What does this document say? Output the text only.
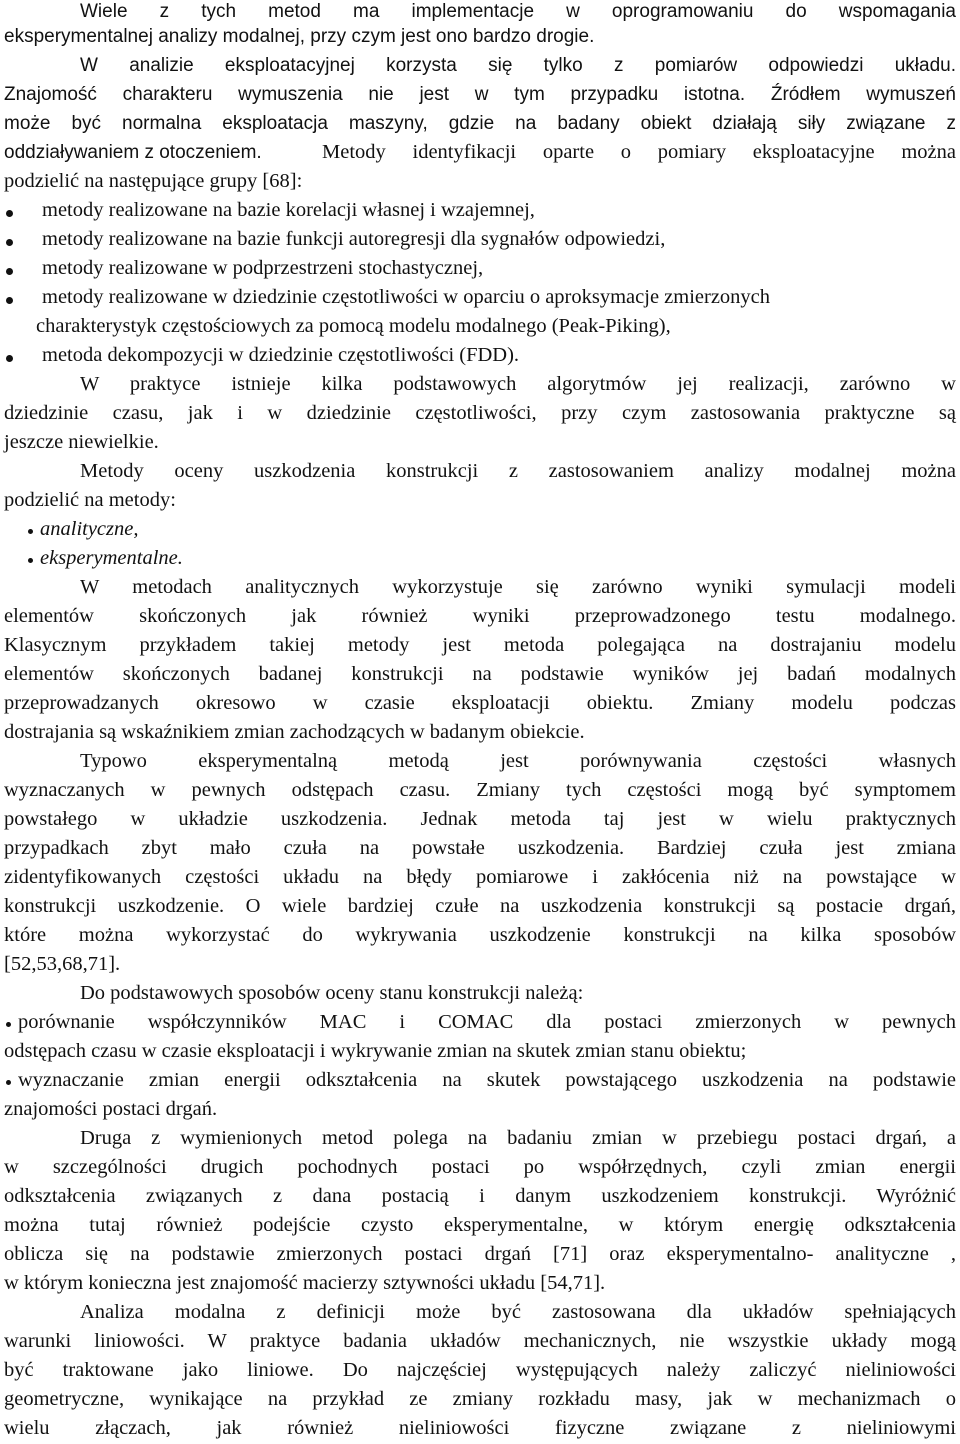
Wiele z tych metod ma implementacje w oprogramowaniu do wspomagania
eksperymentalnej analizy modalnej, przy czym jest ono bardzo drogie.
W analizie eksploatacyjnej korzysta się tylko z pomiarów odpowiedzi układu.
Znajomość charakteru wymuszenia nie jest w tym przypadku istotna. Źródłem wymuszeń
może być normalna eksploatacja maszyny, gdzie na badany obiekt działają siły związane z
oddziaływaniem z otoczeniem.	Metody identyfikacji oparte o pomiary eksploatacyjne można
podzielić na następujące grupy [68]:
metody realizowane na bazie korelacji własnej i wzajemnej,
metody realizowane na bazie funkcji autoregresji dla sygnałów odpowiedzi,
metody realizowane w podprzestrzeni stochastycznej,
metody realizowane w dziedzinie częstotliwości w oparciu o aproksymacje zmierzonych
charakterystyk częstościowych za pomocą modelu modalnego (Peak-Piking),
metoda dekompozycji w dziedzinie częstotliwości (FDD).
W praktyce istnieje kilka podstawowych algorytmów jej realizacji, zarówno w
dziedzinie czasu, jak i w dziedzinie częstotliwości, przy czym zastosowania praktyczne są
jeszcze niewielkie.
Metody oceny uszkodzenia konstrukcji z zastosowaniem analizy modalnej można
podzielić na metody:
analityczne,
eksperymentalne.
W metodach analitycznych wykorzystuje się zarówno wyniki symulacji modeli
elementów skończonych jak również wyniki przeprowadzonego testu modalnego.
Klasycznym przykładem takiej metody jest metoda polegająca na dostrajaniu modelu
elementów skończonych badanej konstrukcji na podstawie wyników jej badań modalnych
przeprowadzanych okresowo w czasie eksploatacji obiektu. Zmiany modelu podczas
dostrajania są wskaźnikiem zmian zachodzących w badanym obiekcie.
Typowo eksperymentalną metodą jest porównywania częstości własnych
wyznaczanych w pewnych odstępach czasu. Zmiany tych częstości mogą być symptomem
powstałego w układzie uszkodzenia. Jednak metoda taj jest w wielu praktycznych
przypadkach zbyt mało czuła na powstałe uszkodzenia. Bardziej czuła jest zmiana
zidentyfikowanych częstości układu na błędy pomiarowe i zakłócenia niż na powstające w
konstrukcji uszkodzenie. O wiele bardziej czułe na uszkodzenia konstrukcji są postacie drgań,
które można wykorzystać do wykrywania uszkodzenie konstrukcji na kilka sposobów
[52,53,68,71].
Do podstawowych sposobów oceny stanu konstrukcji należą:
porównanie współczynników MAC i COMAC dla postaci zmierzonych w pewnych
odstępach czasu w czasie eksploatacji i wykrywanie zmian na skutek zmian stanu obiektu;
wyznaczanie zmian energii odkształcenia na skutek powstającego uszkodzenia na podstawie
znajomości postaci drgań.
Druga z wymienionych metod polega na badaniu zmian w przebiegu postaci drgań, a
w szczególności drugich pochodnych postaci po współrzędnych, czyli zmian energii
odkształcenia związanych z dana postacią i danym uszkodzeniem konstrukcji. Wyróżnić
można tutaj również podejście czysto eksperymentalne, w którym energię odkształcenia
oblicza się na podstawie zmierzonych postaci drgań [71] oraz eksperymentalno- analityczne ,
w którym konieczna jest znajomość macierzy sztywności układu [54,71].
Analiza modalna z definicji może być zastosowana dla układów spełniających
warunki liniowości. W praktyce badania układów mechanicznych, nie wszystkie układy mogą
być traktowane jako liniowe. Do najczęściej występujących należy zaliczyć nieliniowości
geometryczne, wynikające na przykład ze zmiany rozkładu masy, jak w mechanizmach o
wielu złączach, jak również nieliniowości fizyczne związane z nieliniowymi
